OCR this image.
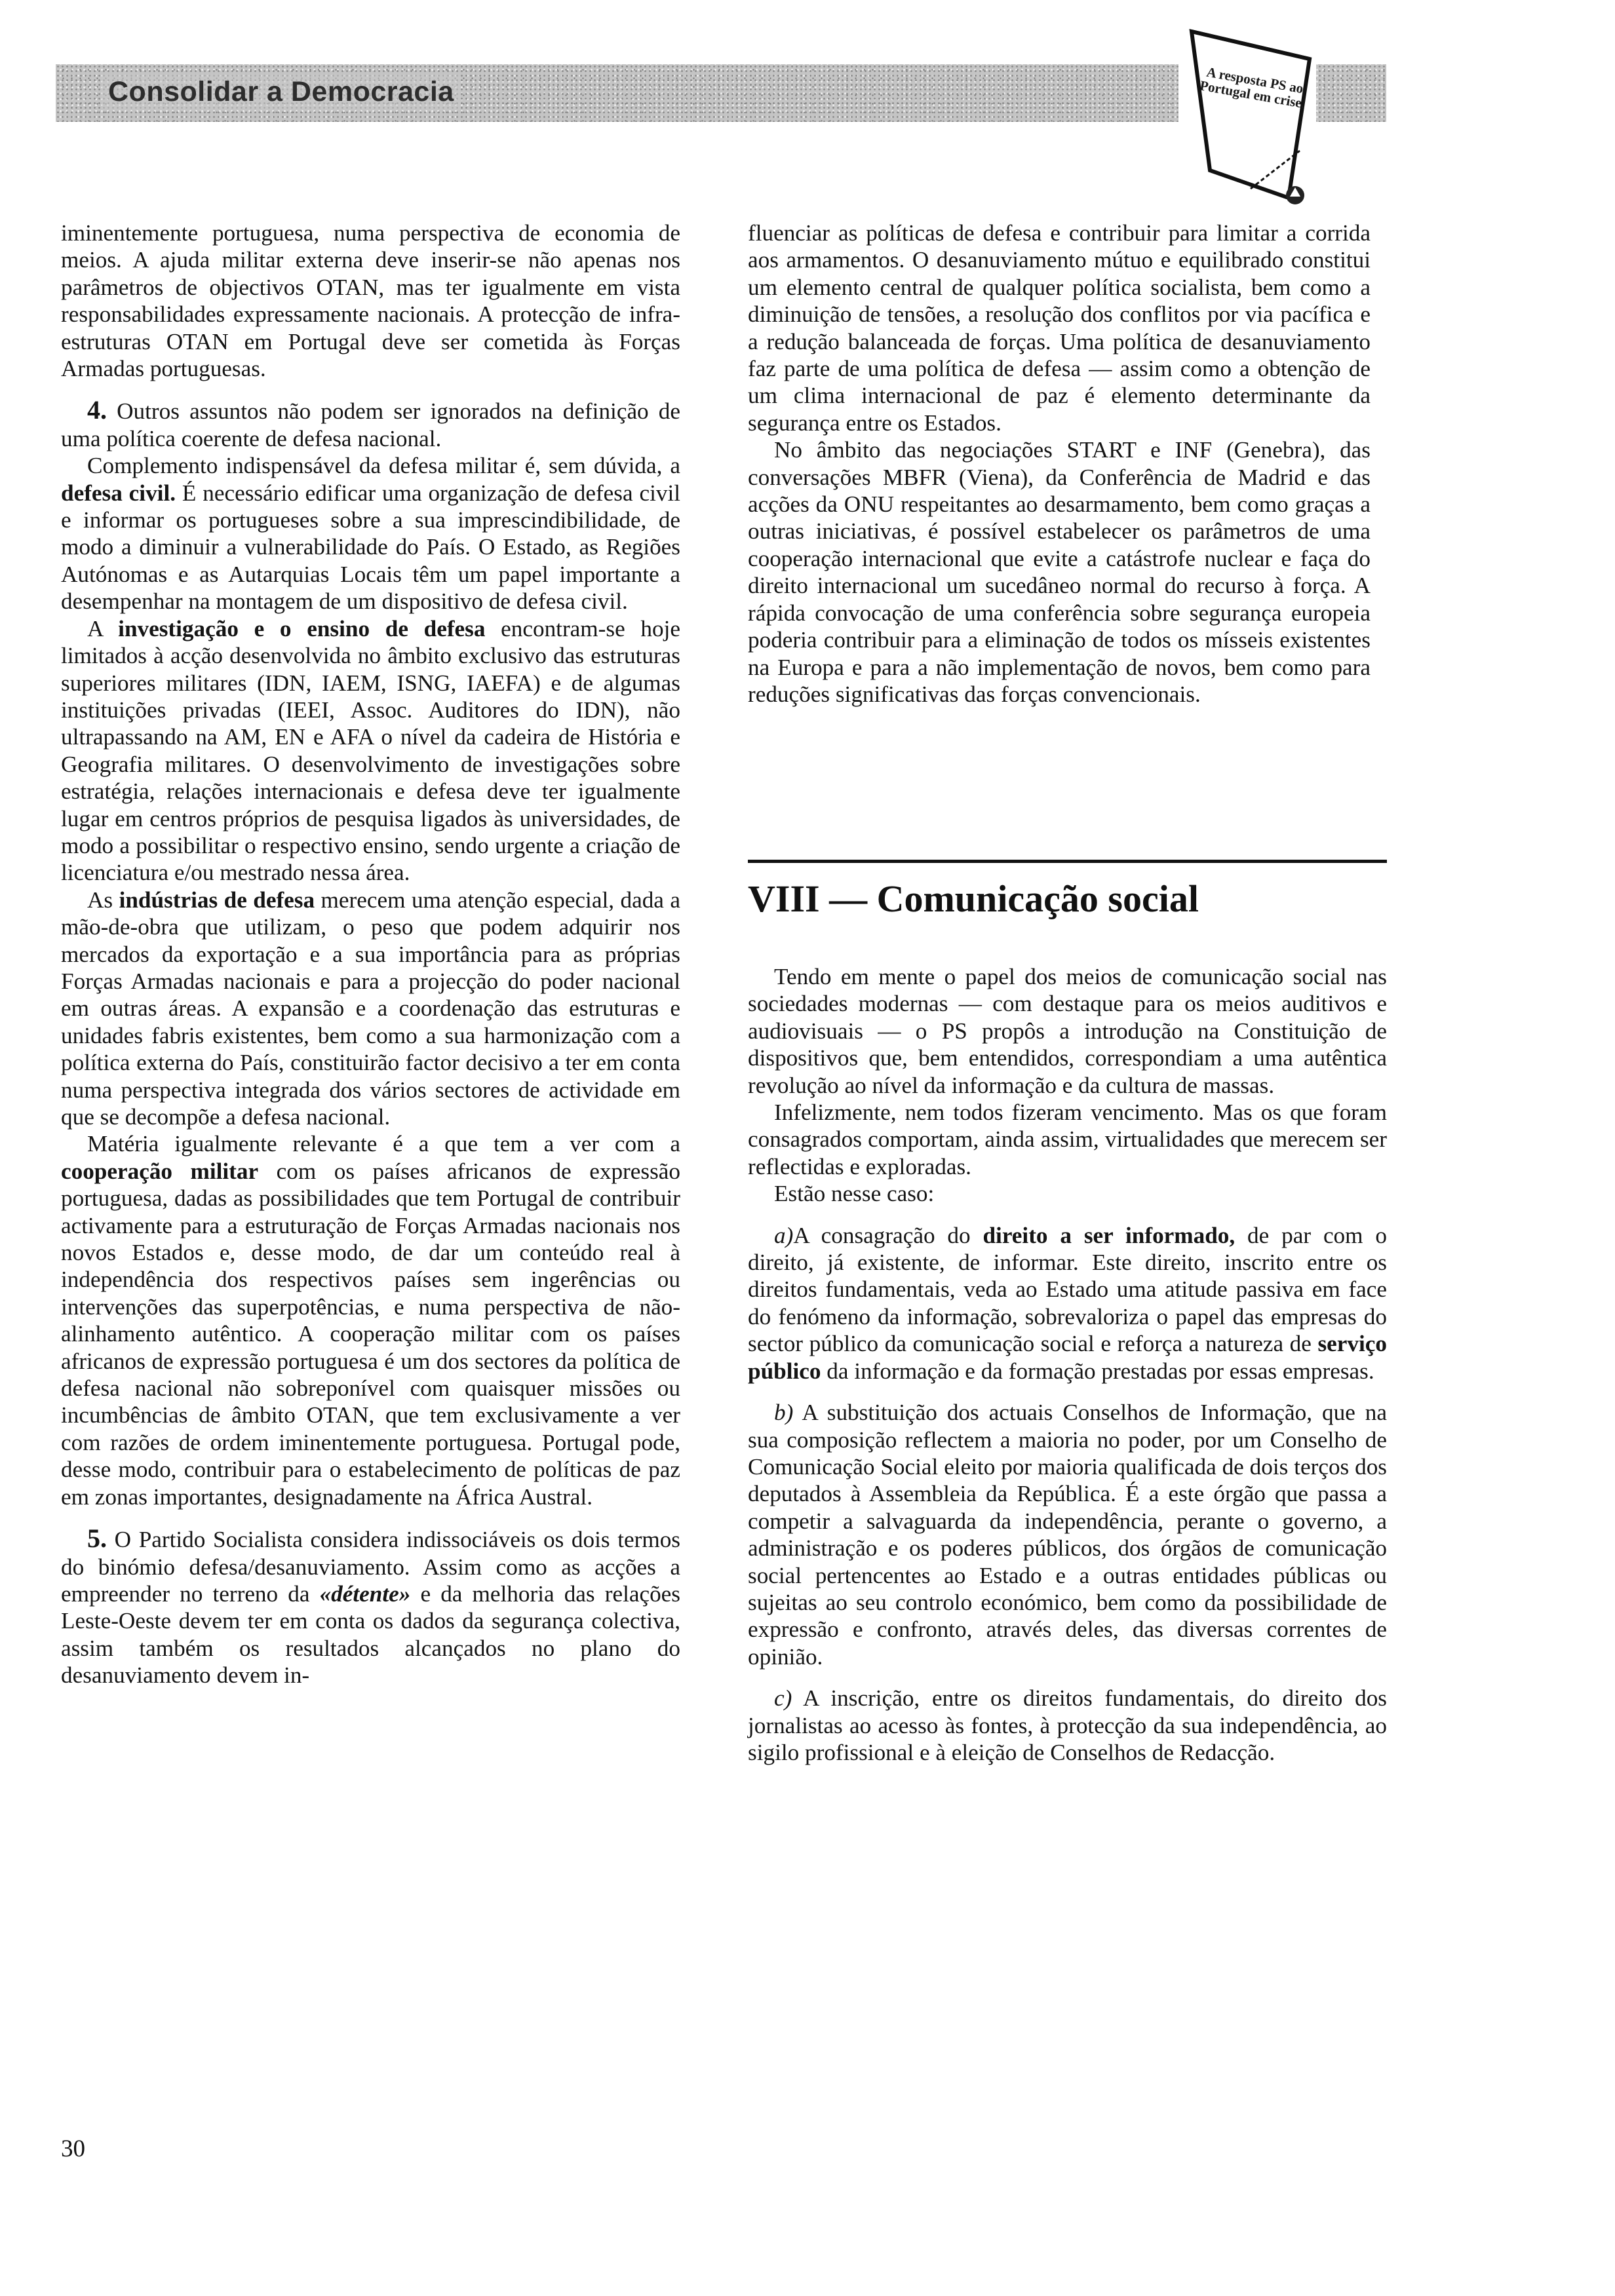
Consolidar a Democracia	A resposta PS ao Portugal em crise.

iminentemente portuguesa, numa perspectiva de economia de meios. A ajuda militar externa deve inserir-se não apenas nos parâmetros de objectivos OTAN, mas ter igualmente em vista responsabilidades expressamente nacionais. A protecção de infra-estruturas OTAN em Portugal deve ser cometida às Forças Armadas portuguesas.

4. Outros assuntos não podem ser ignorados na definição de uma política coerente de defesa nacional.

Complemento indispensável da defesa militar é, sem dúvida, a defesa civil. É necessário edificar uma organização de defesa civil e informar os portugueses sobre a sua imprescindibilidade, de modo a diminuir a vulnerabilidade do País. O Estado, as Regiões Autónomas e as Autarquias Locais têm um papel importante a desempenhar na montagem de um dispositivo de defesa civil.

A investigação e o ensino de defesa encontram-se hoje limitados à acção desenvolvida no âmbito exclusivo das estruturas superiores militares (IDN, IAEM, ISNG, IAEFA) e de algumas instituições privadas (IEEI, Assoc. Auditores do IDN), não ultrapassando na AM, EN e AFA o nível da cadeira de História e Geografia militares. O desenvolvimento de investigações sobre estratégia, relações internacionais e defesa deve ter igualmente lugar em centros próprios de pesquisa ligados às universidades, de modo a possibilitar o respectivo ensino, sendo urgente a criação de licenciatura e/ou mestrado nessa área.

As indústrias de defesa merecem uma atenção especial, dada a mão-de-obra que utilizam, o peso que podem adquirir nos mercados da exportação e a sua importância para as próprias Forças Armadas nacionais e para a projecção do poder nacional em outras áreas. A expansão e a coordenação das estruturas e unidades fabris existentes, bem como a sua harmonização com a política externa do País, constituirão factor decisivo a ter em conta numa perspectiva integrada dos vários sectores de actividade em que se decompõe a defesa nacional.

Matéria igualmente relevante é a que tem a ver com a cooperação militar com os países africanos de expressão portuguesa, dadas as possibilidades que tem Portugal de contribuir activamente para a estruturação de Forças Armadas nacionais nos novos Estados e, desse modo, de dar um conteúdo real à independência dos respectivos países sem ingerências ou intervenções das superpotências, e numa perspectiva de não-alinhamento autêntico. A cooperação militar com os países africanos de expressão portuguesa é um dos sectores da política de defesa nacional não sobreponível com quaisquer missões ou incumbências de âmbito OTAN, que tem exclusivamente a ver com razões de ordem iminentemente portuguesa. Portugal pode, desse modo, contribuir para o estabelecimento de políticas de paz em zonas importantes, designadamente na África Austral.

5. O Partido Socialista considera indissociáveis os dois termos do binómio defesa/desanuviamento. Assim como as acções a empreender no terreno da «détente» e da melhoria das relações Leste-Oeste devem ter em conta os dados da segurança colectiva, assim também os resultados alcançados no plano do desanuviamento devem in-

fluenciar as políticas de defesa e contribuir para limitar a corrida aos armamentos. O desanuviamento mútuo e equilibrado constitui um elemento central de qualquer política socialista, bem como a diminuição de tensões, a resolução dos conflitos por via pacífica e a redução balanceada de forças. Uma política de desanuviamento faz parte de uma política de defesa — assim como a obtenção de um clima internacional de paz é elemento determinante da segurança entre os Estados.

No âmbito das negociações START e INF (Genebra), das conversações MBFR (Viena), da Conferência de Madrid e das acções da ONU respeitantes ao desarmamento, bem como graças a outras iniciativas, é possível estabelecer os parâmetros de uma cooperação internacional que evite a catástrofe nuclear e faça do direito internacional um sucedâneo normal do recurso à força. A rápida convocação de uma conferência sobre segurança europeia poderia contribuir para a eliminação de todos os mísseis existentes na Europa e para a não implementação de novos, bem como para reduções significativas das forças convencionais.

VIII — Comunicação social

Tendo em mente o papel dos meios de comunicação social nas sociedades modernas — com destaque para os meios auditivos e audiovisuais — o PS propôs a introdução na Constituição de dispositivos que, bem entendidos, correspondiam a uma autêntica revolução ao nível da informação e da cultura de massas.

Infelizmente, nem todos fizeram vencimento. Mas os que foram consagrados comportam, ainda assim, virtualidades que merecem ser reflectidas e exploradas.

Estão nesse caso:

a)A consagração do direito a ser informado, de par com o direito, já existente, de informar. Este direito, inscrito entre os direitos fundamentais, veda ao Estado uma atitude passiva em face do fenómeno da informação, sobrevaloriza o papel das empresas do sector público da comunicação social e reforça a natureza de serviço público da informação e da formação prestadas por essas empresas.

b) A substituição dos actuais Conselhos de Informação, que na sua composição reflectem a maioria no poder, por um Conselho de Comunicação Social eleito por maioria qualificada de dois terços dos deputados à Assembleia da República. É a este órgão que passa a competir a salvaguarda da independência, perante o governo, a administração e os poderes públicos, dos órgãos de comunicação social pertencentes ao Estado e a outras entidades públicas ou sujeitas ao seu controlo económico, bem como da possibilidade de expressão e confronto, através deles, das diversas correntes de opinião.

c) A inscrição, entre os direitos fundamentais, do direito dos jornalistas ao acesso às fontes, à protecção da sua independência, ao sigilo profissional e à eleição de Conselhos de Redacção.

30
